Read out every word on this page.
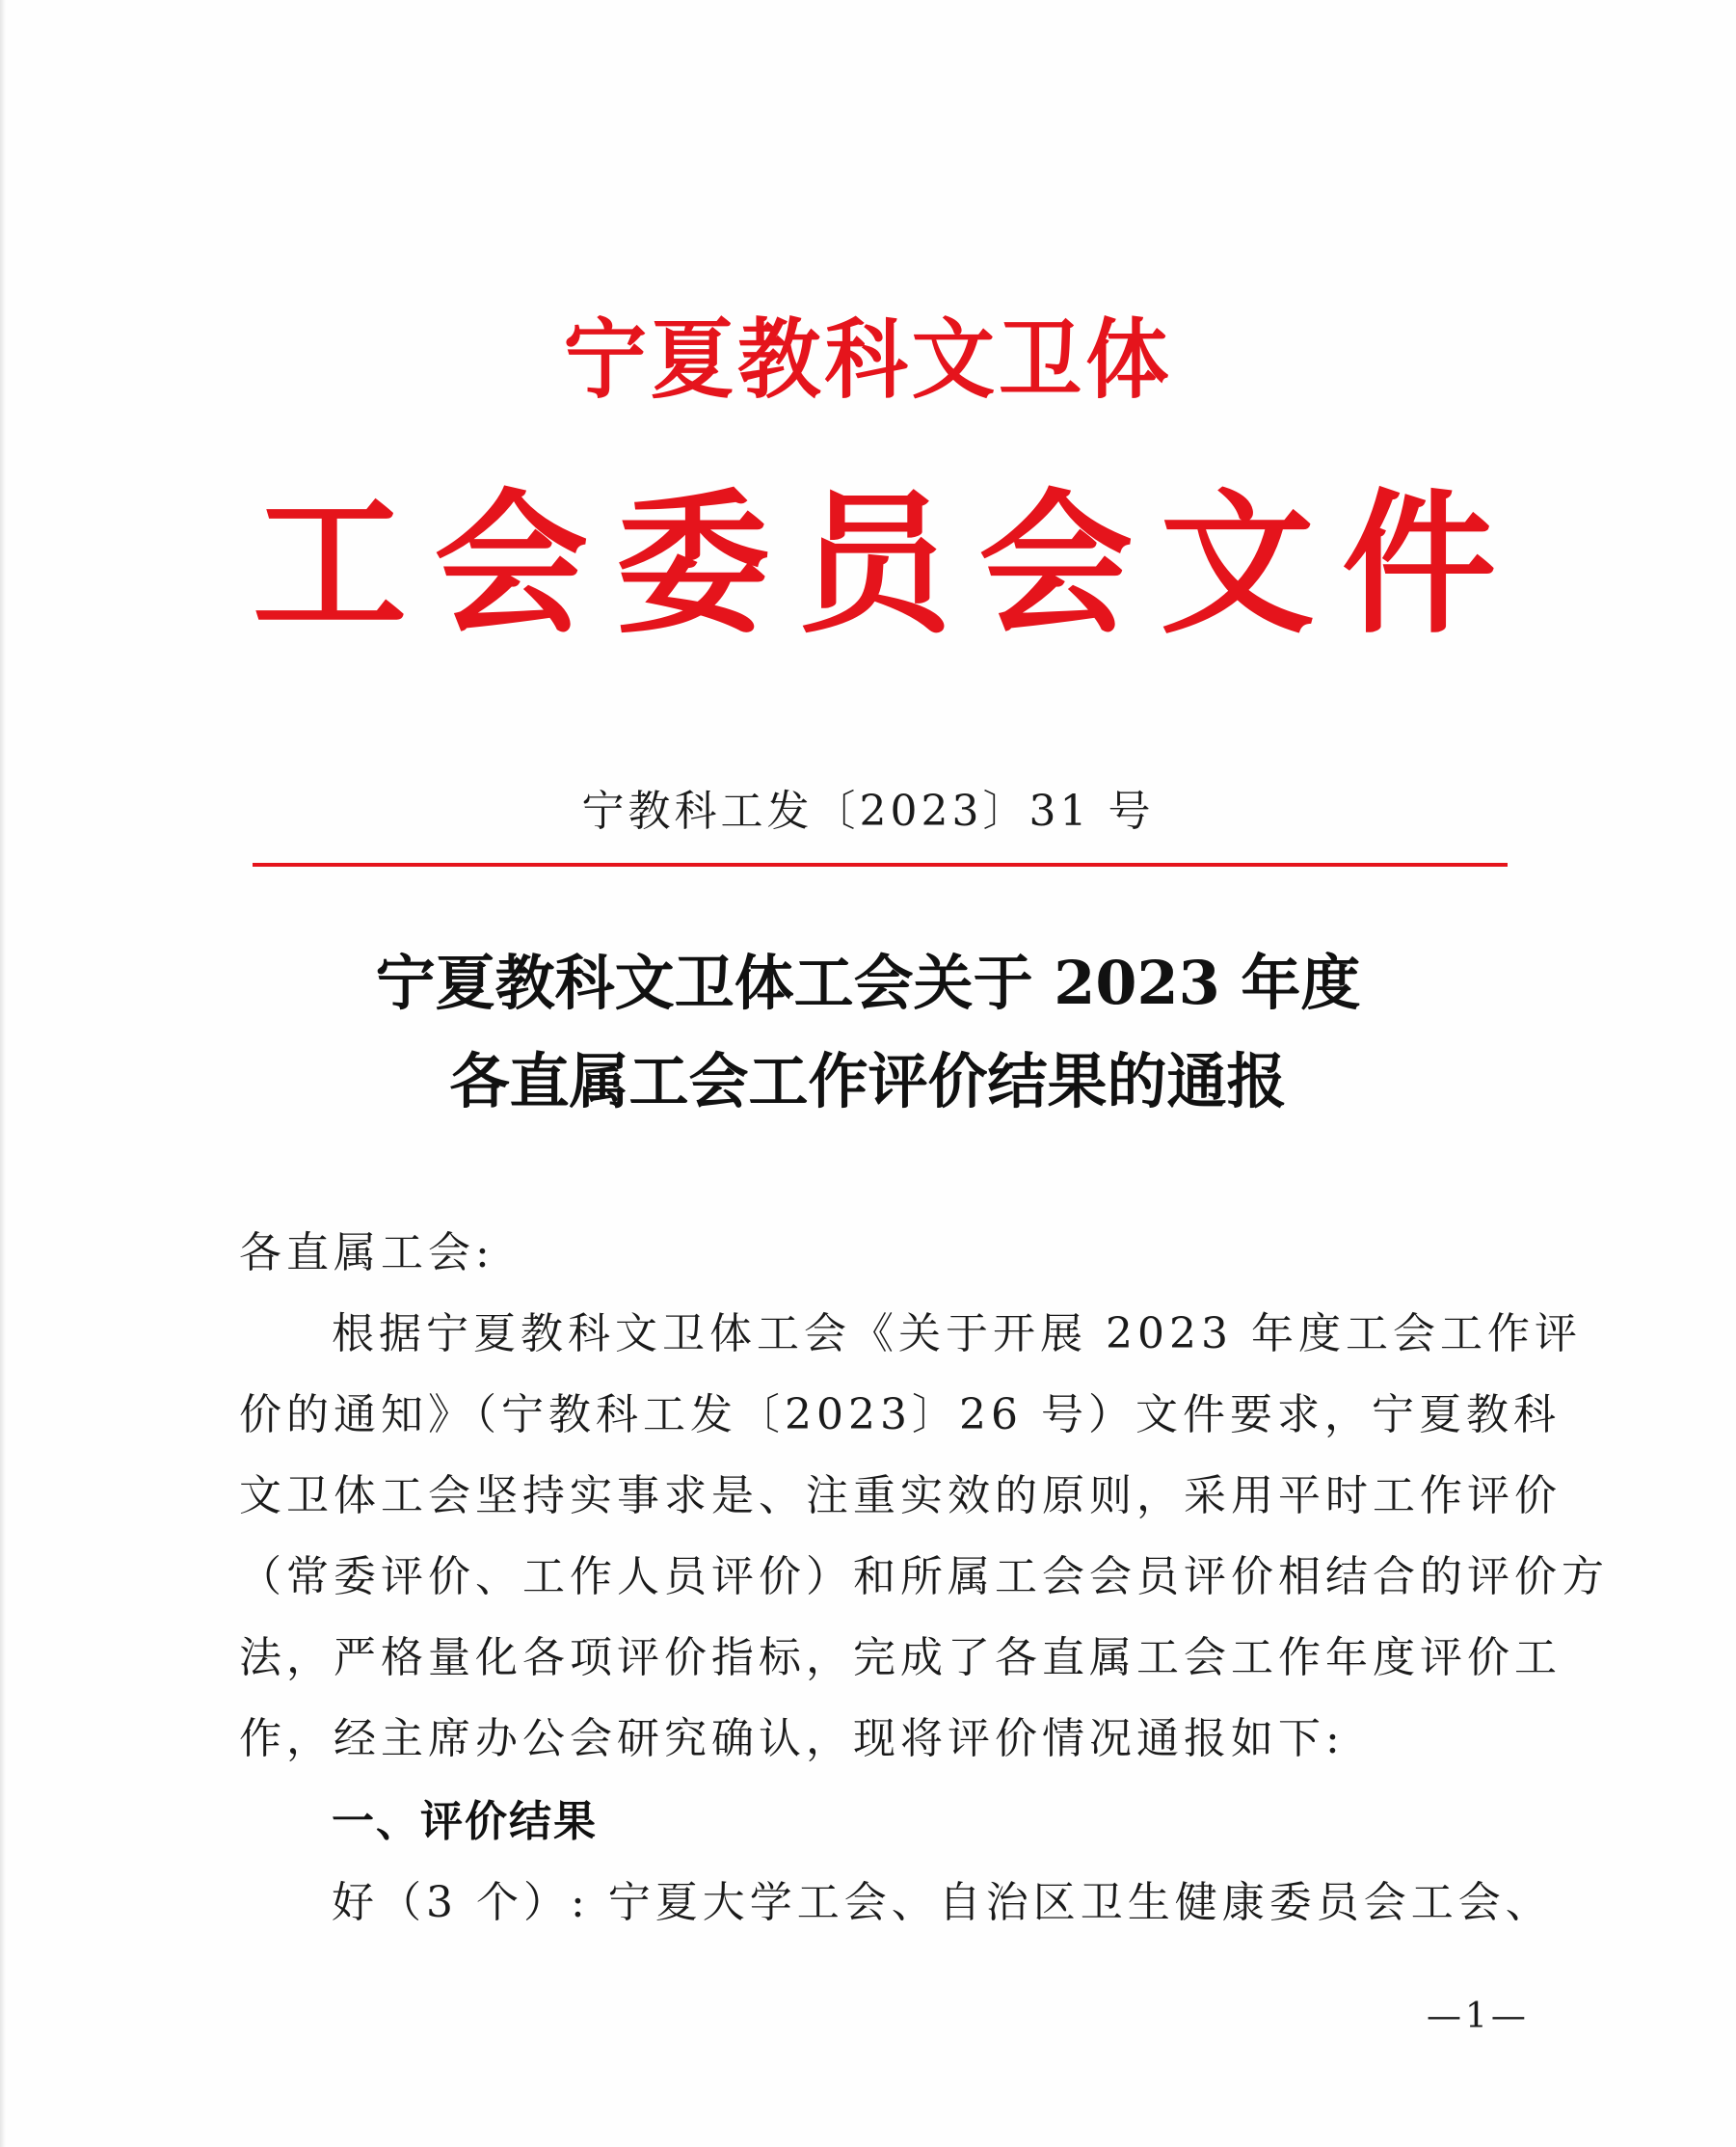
宁夏教科文卫体
工 会 委 员 会 文 件
宁教科工发〔2023〕31 号
宁夏教科文卫体工会关于 2023 年度
各直属工会工作评价结果的通报
各直属工会:
根据宁夏教科文卫体工会《关于开展 2023 年度工会工作评
价的通知》（宁教科工发〔2023〕26 号）文件要求，宁夏教科
文卫体工会坚持实事求是、注重实效的原则，采用平时工作评价
（常委评价、工作人员评价）和所属工会会员评价相结合的评价方
法，严格量化各项评价指标，完成了各直属工会工作年度评价工
作，经主席办公会研究确认，现将评价情况通报如下:
一、评价结果
好（3 个）: 宁夏大学工会、自治区卫生健康委员会工会、
—1—
